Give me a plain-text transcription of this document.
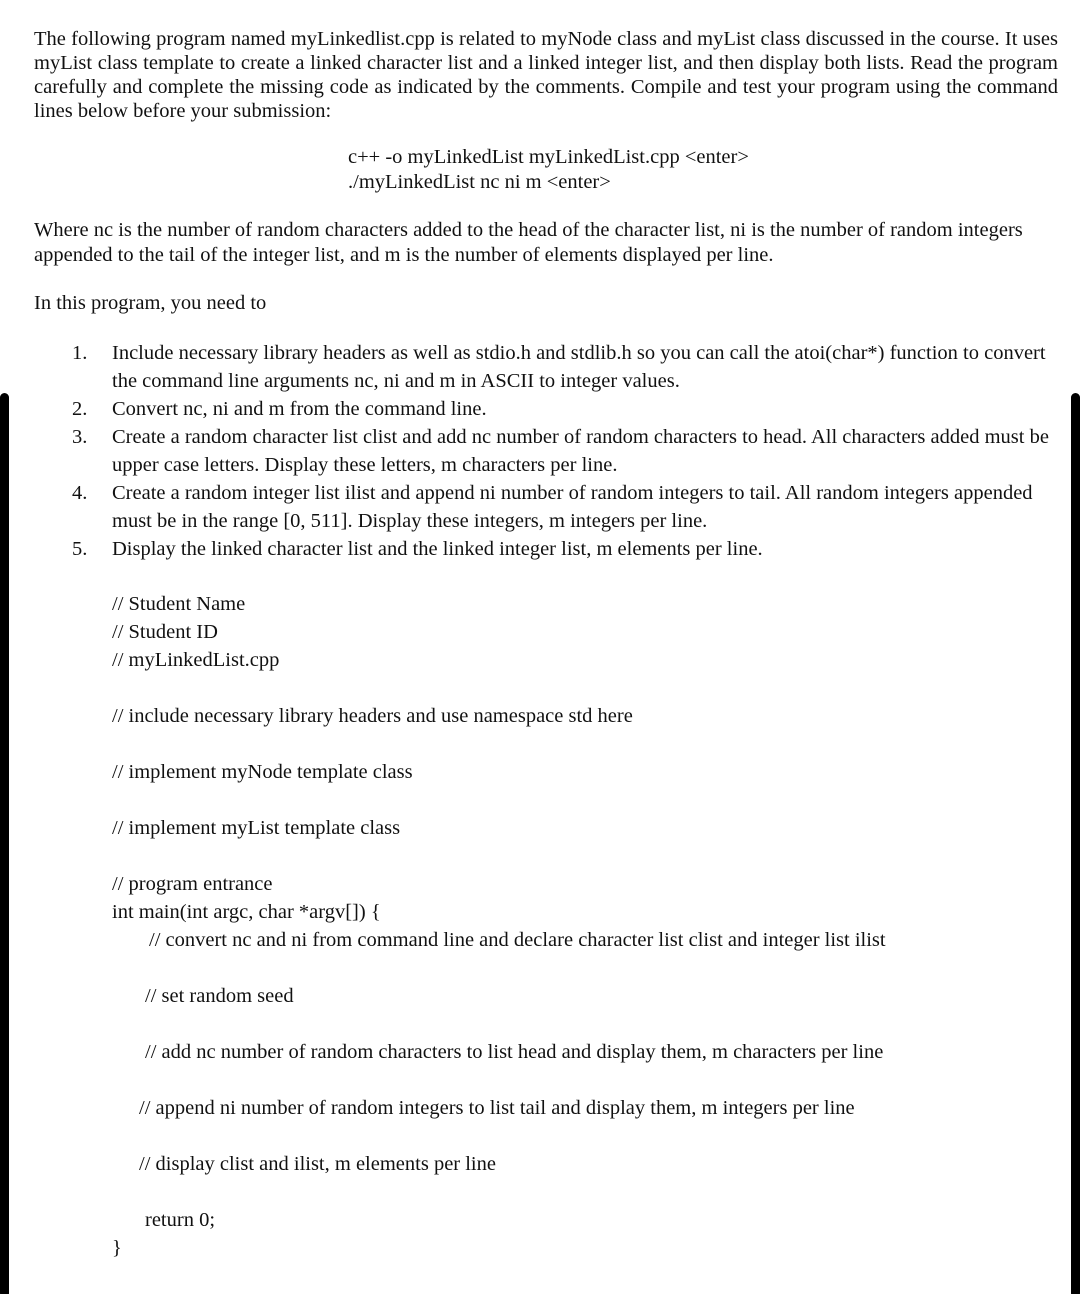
The following program named myLinkedlist.cpp is related to myNode class and myList class discussed in the course. It uses myList class template to create a linked character list and a linked integer list, and then display both lists. Read the program carefully and complete the missing code as indicated by the comments. Compile and test your program using the command lines below before your submission:

c++ -o myLinkedList myLinkedList.cpp <enter>
./myLinkedList nc ni m <enter>

Where nc is the number of random characters added to the head of the character list, ni is the number of random integers appended to the tail of the integer list, and m is the number of elements displayed per line.

In this program, you need to

1. Include necessary library headers as well as stdio.h and stdlib.h so you can call the atoi(char*) function to convert the command line arguments nc, ni and m in ASCII to integer values.
2. Convert nc, ni and m from the command line.
3. Create a random character list clist and add nc number of random characters to head. All characters added must be upper case letters. Display these letters, m characters per line.
4. Create a random integer list ilist and append ni number of random integers to tail. All random integers appended must be in the range [0, 511]. Display these integers, m integers per line.
5. Display the linked character list and the linked integer list, m elements per line.
// Student Name
// Student ID
// myLinkedList.cpp
// include necessary library headers and use namespace std here
// implement myNode template class
// implement myList template class
// program entrance
int main(int argc, char *argv[]) {
// convert nc and ni from command line and declare character list clist and integer list ilist
// set random seed
// add nc number of random characters to list head and display them, m characters per line
// append ni number of random integers to list tail and display them, m integers per line
// display clist and ilist, m elements per line
return 0;
}
